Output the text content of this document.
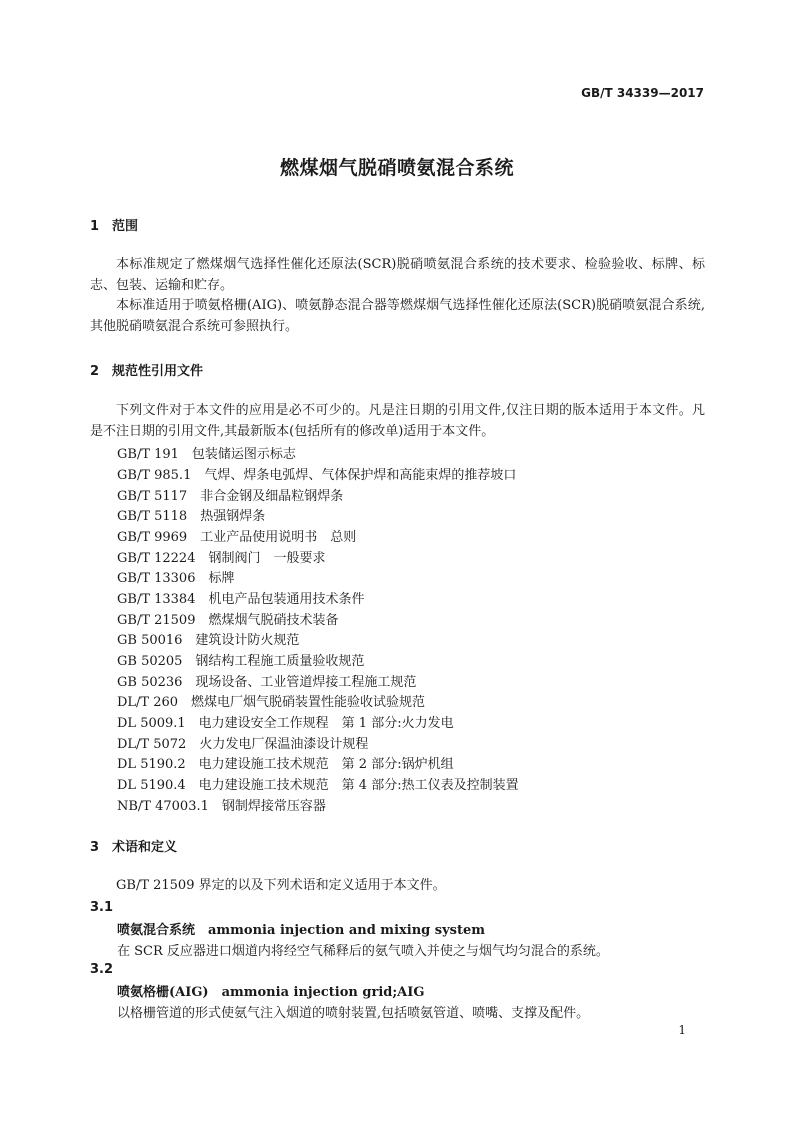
GB/T 34339—2017
燃煤烟气脱硝喷氨混合系统
1 范围

本标准规定了燃煤烟气选择性催化还原法(SCR)脱硝喷氨混合系统的技术要求、检验验收、标牌、标志、包装、运输和贮存。

本标准适用于喷氨格栅(AIG)、喷氨静态混合器等燃煤烟气选择性催化还原法(SCR)脱硝喷氨混合系统,其他脱硝喷氨混合系统可参照执行。

2 规范性引用文件

下列文件对于本文件的应用是必不可少的。凡是注日期的引用文件,仅注日期的版本适用于本文件。凡是不注日期的引用文件,其最新版本(包括所有的修改单)适用于本文件。

GB/T 191　包装储运图示标志
GB/T 985.1　气焊、焊条电弧焊、气体保护焊和高能束焊的推荐坡口
GB/T 5117　非合金钢及细晶粒钢焊条
GB/T 5118　热强钢焊条
GB/T 9969　工业产品使用说明书　总则
GB/T 12224　钢制阀门　一般要求
GB/T 13306　标牌
GB/T 13384　机电产品包装通用技术条件
GB/T 21509　燃煤烟气脱硝技术装备
GB 50016　建筑设计防火规范
GB 50205　钢结构工程施工质量验收规范
GB 50236　现场设备、工业管道焊接工程施工规范
DL/T 260　燃煤电厂烟气脱硝装置性能验收试验规范
DL 5009.1　电力建设安全工作规程　第 1 部分:火力发电
DL/T 5072　火力发电厂保温油漆设计规程
DL 5190.2　电力建设施工技术规范　第 2 部分:锅炉机组
DL 5190.4　电力建设施工技术规范　第 4 部分:热工仪表及控制装置
NB/T 47003.1　钢制焊接常压容器
3 术语和定义

GB/T 21509 界定的以及下列术语和定义适用于本文件。

3.1
喷氨混合系统　ammonia injection and mixing system
在 SCR 反应器进口烟道内将经空气稀释后的氨气喷入并使之与烟气均匀混合的系统。
3.2
喷氨格栅(AIG)　ammonia injection grid;AIG
以格栅管道的形式使氨气注入烟道的喷射装置,包括喷氨管道、喷嘴、支撑及配件。
1
